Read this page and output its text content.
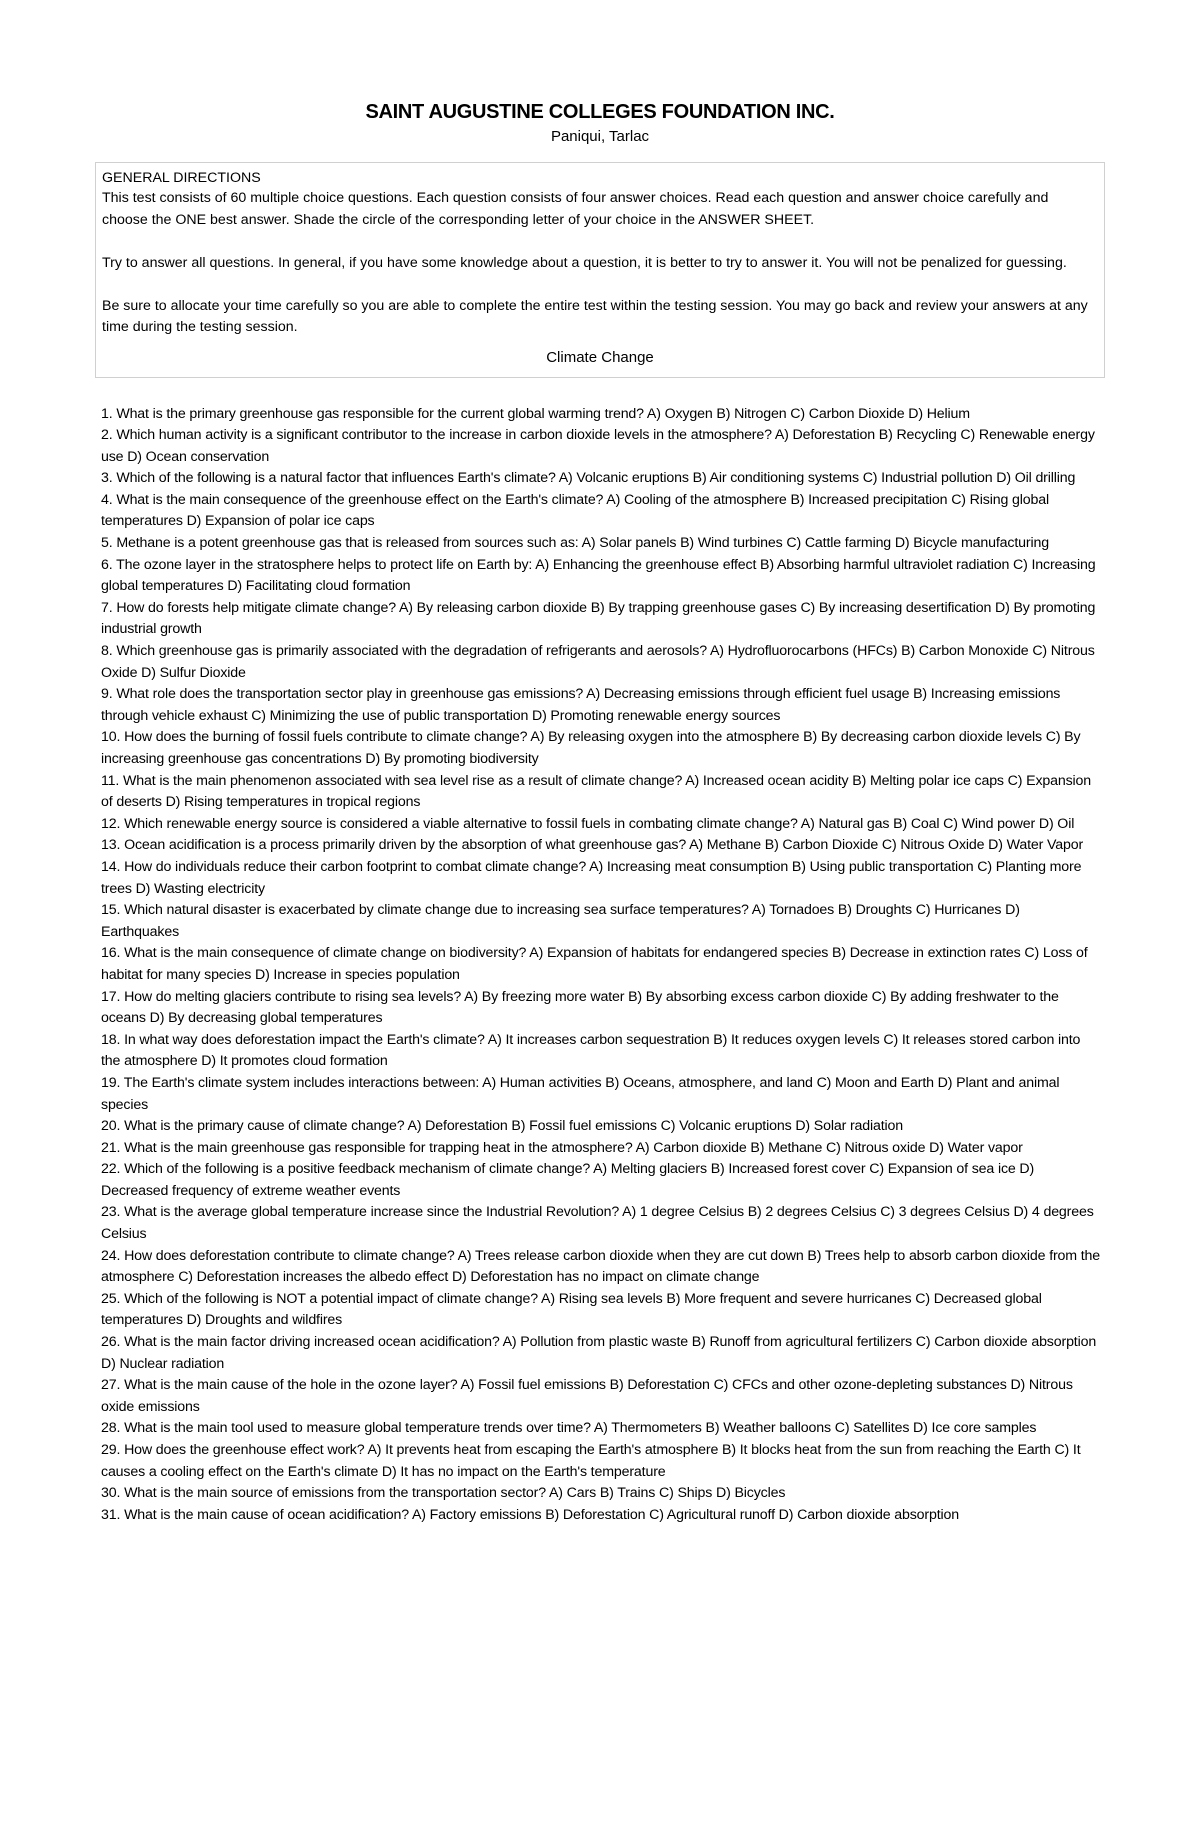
SAINT AUGUSTINE COLLEGES FOUNDATION INC.
Paniqui, Tarlac
GENERAL DIRECTIONS

This test consists of 60 multiple choice questions. Each question consists of four answer choices. Read each question and answer choice carefully and choose the ONE best answer. Shade the circle of the corresponding letter of your choice in the ANSWER SHEET.

Try to answer all questions. In general, if you have some knowledge about a question, it is better to try to answer it. You will not be penalized for guessing.

Be sure to allocate your time carefully so you are able to complete the entire test within the testing session. You may go back and review your answers at any time during the testing session.

Climate Change

1. What is the primary greenhouse gas responsible for the current global warming trend? A) Oxygen B) Nitrogen C) Carbon Dioxide D) Helium

2. Which human activity is a significant contributor to the increase in carbon dioxide levels in the atmosphere? A) Deforestation B) Recycling C) Renewable energy use D) Ocean conservation

3. Which of the following is a natural factor that influences Earth's climate? A) Volcanic eruptions B) Air conditioning systems C) Industrial pollution D) Oil drilling

4. What is the main consequence of the greenhouse effect on the Earth's climate? A) Cooling of the atmosphere B) Increased precipitation C) Rising global temperatures D) Expansion of polar ice caps

5. Methane is a potent greenhouse gas that is released from sources such as: A) Solar panels B) Wind turbines C) Cattle farming D) Bicycle manufacturing

6. The ozone layer in the stratosphere helps to protect life on Earth by: A) Enhancing the greenhouse effect B) Absorbing harmful ultraviolet radiation C) Increasing global temperatures D) Facilitating cloud formation

7. How do forests help mitigate climate change? A) By releasing carbon dioxide B) By trapping greenhouse gases C) By increasing desertification D) By promoting industrial growth

8. Which greenhouse gas is primarily associated with the degradation of refrigerants and aerosols? A) Hydrofluorocarbons (HFCs) B) Carbon Monoxide C) Nitrous Oxide D) Sulfur Dioxide

9. What role does the transportation sector play in greenhouse gas emissions? A) Decreasing emissions through efficient fuel usage B) Increasing emissions through vehicle exhaust C) Minimizing the use of public transportation D) Promoting renewable energy sources

10. How does the burning of fossil fuels contribute to climate change? A) By releasing oxygen into the atmosphere B) By decreasing carbon dioxide levels C) By increasing greenhouse gas concentrations D) By promoting biodiversity

11. What is the main phenomenon associated with sea level rise as a result of climate change? A) Increased ocean acidity B) Melting polar ice caps C) Expansion of deserts D) Rising temperatures in tropical regions

12. Which renewable energy source is considered a viable alternative to fossil fuels in combating climate change? A) Natural gas B) Coal C) Wind power D) Oil

13. Ocean acidification is a process primarily driven by the absorption of what greenhouse gas? A) Methane B) Carbon Dioxide C) Nitrous Oxide D) Water Vapor

14. How do individuals reduce their carbon footprint to combat climate change? A) Increasing meat consumption B) Using public transportation C) Planting more trees D) Wasting electricity

15. Which natural disaster is exacerbated by climate change due to increasing sea surface temperatures? A) Tornadoes B) Droughts C) Hurricanes D) Earthquakes

16. What is the main consequence of climate change on biodiversity? A) Expansion of habitats for endangered species B) Decrease in extinction rates C) Loss of habitat for many species D) Increase in species population

17. How do melting glaciers contribute to rising sea levels? A) By freezing more water B) By absorbing excess carbon dioxide C) By adding freshwater to the oceans D) By decreasing global temperatures

18. In what way does deforestation impact the Earth's climate? A) It increases carbon sequestration B) It reduces oxygen levels C) It releases stored carbon into the atmosphere D) It promotes cloud formation

19. The Earth's climate system includes interactions between: A) Human activities B) Oceans, atmosphere, and land C) Moon and Earth D) Plant and animal species

20. What is the primary cause of climate change? A) Deforestation B) Fossil fuel emissions C) Volcanic eruptions D) Solar radiation

21. What is the main greenhouse gas responsible for trapping heat in the atmosphere? A) Carbon dioxide B) Methane C) Nitrous oxide D) Water vapor

22. Which of the following is a positive feedback mechanism of climate change? A) Melting glaciers B) Increased forest cover C) Expansion of sea ice D) Decreased frequency of extreme weather events

23. What is the average global temperature increase since the Industrial Revolution? A) 1 degree Celsius B) 2 degrees Celsius C) 3 degrees Celsius D) 4 degrees Celsius

24. How does deforestation contribute to climate change? A) Trees release carbon dioxide when they are cut down B) Trees help to absorb carbon dioxide from the atmosphere C) Deforestation increases the albedo effect D) Deforestation has no impact on climate change

25. Which of the following is NOT a potential impact of climate change? A) Rising sea levels B) More frequent and severe hurricanes C) Decreased global temperatures D) Droughts and wildfires

26. What is the main factor driving increased ocean acidification? A) Pollution from plastic waste B) Runoff from agricultural fertilizers C) Carbon dioxide absorption D) Nuclear radiation

27. What is the main cause of the hole in the ozone layer? A) Fossil fuel emissions B) Deforestation C) CFCs and other ozone-depleting substances D) Nitrous oxide emissions

28. What is the main tool used to measure global temperature trends over time? A) Thermometers B) Weather balloons C) Satellites D) Ice core samples

29. How does the greenhouse effect work? A) It prevents heat from escaping the Earth's atmosphere B) It blocks heat from the sun from reaching the Earth C) It causes a cooling effect on the Earth's climate D) It has no impact on the Earth's temperature

30. What is the main source of emissions from the transportation sector? A) Cars B) Trains C) Ships D) Bicycles

31. What is the main cause of ocean acidification? A) Factory emissions B) Deforestation C) Agricultural runoff D) Carbon dioxide absorption
